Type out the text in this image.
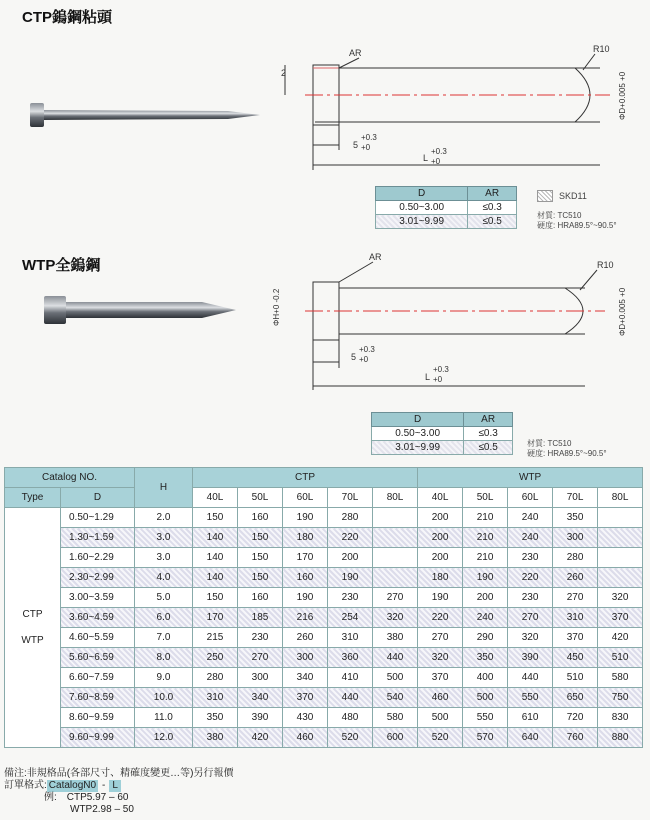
CTP鎢鋼粘頭
2
AR	R10
5
+0.3
+0
L
+0.3
+0
ΦD+0.005 +0
D	AR
0.50~3.00	≤0.3
3.01~9.99	≤0.5
SKD11
材質: TC510
硬度: HRA89.5°~90.5°
WTP全鎢鋼	AR
R10
ΦH+0 -0.2
5
+0.3
+0
L
+0.3
+0
ΦD+0.005 +0
D	AR
0.50~3.00	≤0.3
3.01~9.99	≤0.5	材質: TC510
硬度: HRA89.5°~90.5°
Catalog NO.		H	CTP					WTP				
Type	D		40L	50L	60L	70L	80L	40L	50L	60L	70L	80L

CTP
WTP	0.50~1.29	2.0	150	160	190	280		200	210	240	350	
	1.30~1.59	3.0	140	150	180	220		200	210	240	300	
	1.60~2.29	3.0	140	150	170	200		200	210	230	280	
	2.30~2.99	4.0	140	150	160	190		180	190	220	260	
	3.00~3.59	5.0	150	160	190	230	270	190	200	230	270	320
	3.60~4.59	6.0	170	185	216	254	320	220	240	270	310	370
	4.60~5.59	7.0	215	230	260	310	380	270	290	320	370	420
	5.60~6.59	8.0	250	270	300	360	440	320	350	390	450	510
	6.60~7.59	9.0	280	300	340	410	500	370	400	440	510	580
	7.60~8.59	10.0	310	340	370	440	540	460	500	550	650	750
	8.60~9.59	11.0	350	390	430	480	580	500	550	610	720	830
	9.60~9.99	12.0	380	420	460	520	600	520	570	640	760	880
備注:非規格品(各部尺寸、精確度變更…等)另行報價
訂單格式: CatalogN0 - L
例: CTP5.97 – 60
WTP2.98 – 50
